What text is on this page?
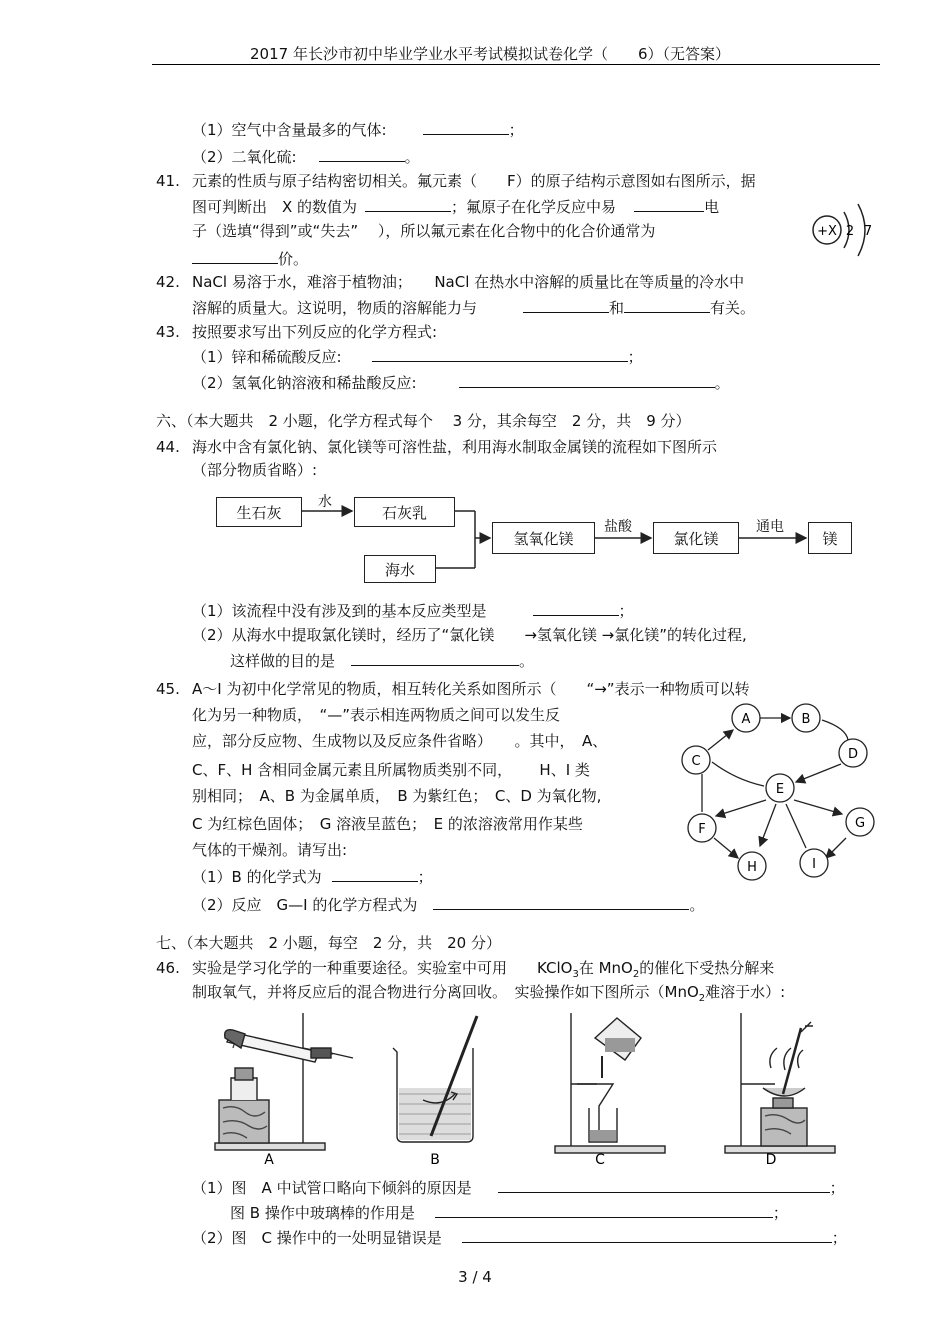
2017 年长沙市初中毕业学业水平考试模拟试卷化学（　　6）（无答案）
（1）空气中含量最多的气体:	；
（2）二氧化硫:	。
41. 元素的性质与原子结构密切相关。氟元素（　　F）的原子结构示意图如右图所示，据
图可判断出　X 的数值为	；氟原子在化学反应中易	电
子（选填“得到”或“失去”　 ），所以氟元素在化合物中的化合价通常为
价。
+X 2 7
42. NaCl 易溶于水，难溶于植物油；　　NaCl 在热水中溶解的质量比在等质量的冷水中
溶解的质量大。这说明，物质的溶解能力与	和	有关。
43. 按照要求写出下列反应的化学方程式:
（1）锌和稀硫酸反应:	；
（2）氢氧化钠溶液和稀盐酸反应:	。
六、（本大题共　2 小题，化学方程式每个　 3 分，其余每空　2 分，共　9 分）
44. 海水中含有氯化钠、氯化镁等可溶性盐，利用海水制取金属镁的流程如下图所示
（部分物质省略）:
生石灰
水
石灰乳
海水
氢氧化镁
盐酸
氯化镁
通电
镁
（1）该流程中没有涉及到的基本反应类型是	；
（2）从海水中提取氯化镁时，经历了“氯化镁　　→氢氧化镁 →氯化镁”的转化过程,
这样做的目的是	。
45. A～I 为初中化学常见的物质，相互转化关系如图所示（　　“→”表示一种物质可以转
化为另一种物质，　“—”表示相连两物质之间可以发生反
应，部分反应物、生成物以及反应条件省略）　　。其中，　A、
C、F、H 含相同金属元素且所属物质类别不同，　　 H、I 类
别相同；　A、B 为金属单质，　B 为紫红色；　C、D 为氧化物,
C 为红棕色固体；　G 溶液呈蓝色；　E 的浓溶液常用作某些
气体的干燥剂。请写出:
（1）B 的化学式为	；
（2）反应　G—I 的化学方程式为	。
A	B
C	D
E
F	G
H	I
七、（本大题共　2 小题，每空　2 分，共　20 分）
46. 实验是学习化学的一种重要途径。实验室中可用　　KClO$_3$在 MnO$_2$的催化下受热分解来
制取氧气，并将反应后的混合物进行分离回收。　实验操作如下图所示（MnO$_2$难溶于水）:
A	B	C	D
（1）图　A 中试管口略向下倾斜的原因是	；
图 B 操作中玻璃棒的作用是	；
（2）图　C 操作中的一处明显错误是	；
3 / 4
